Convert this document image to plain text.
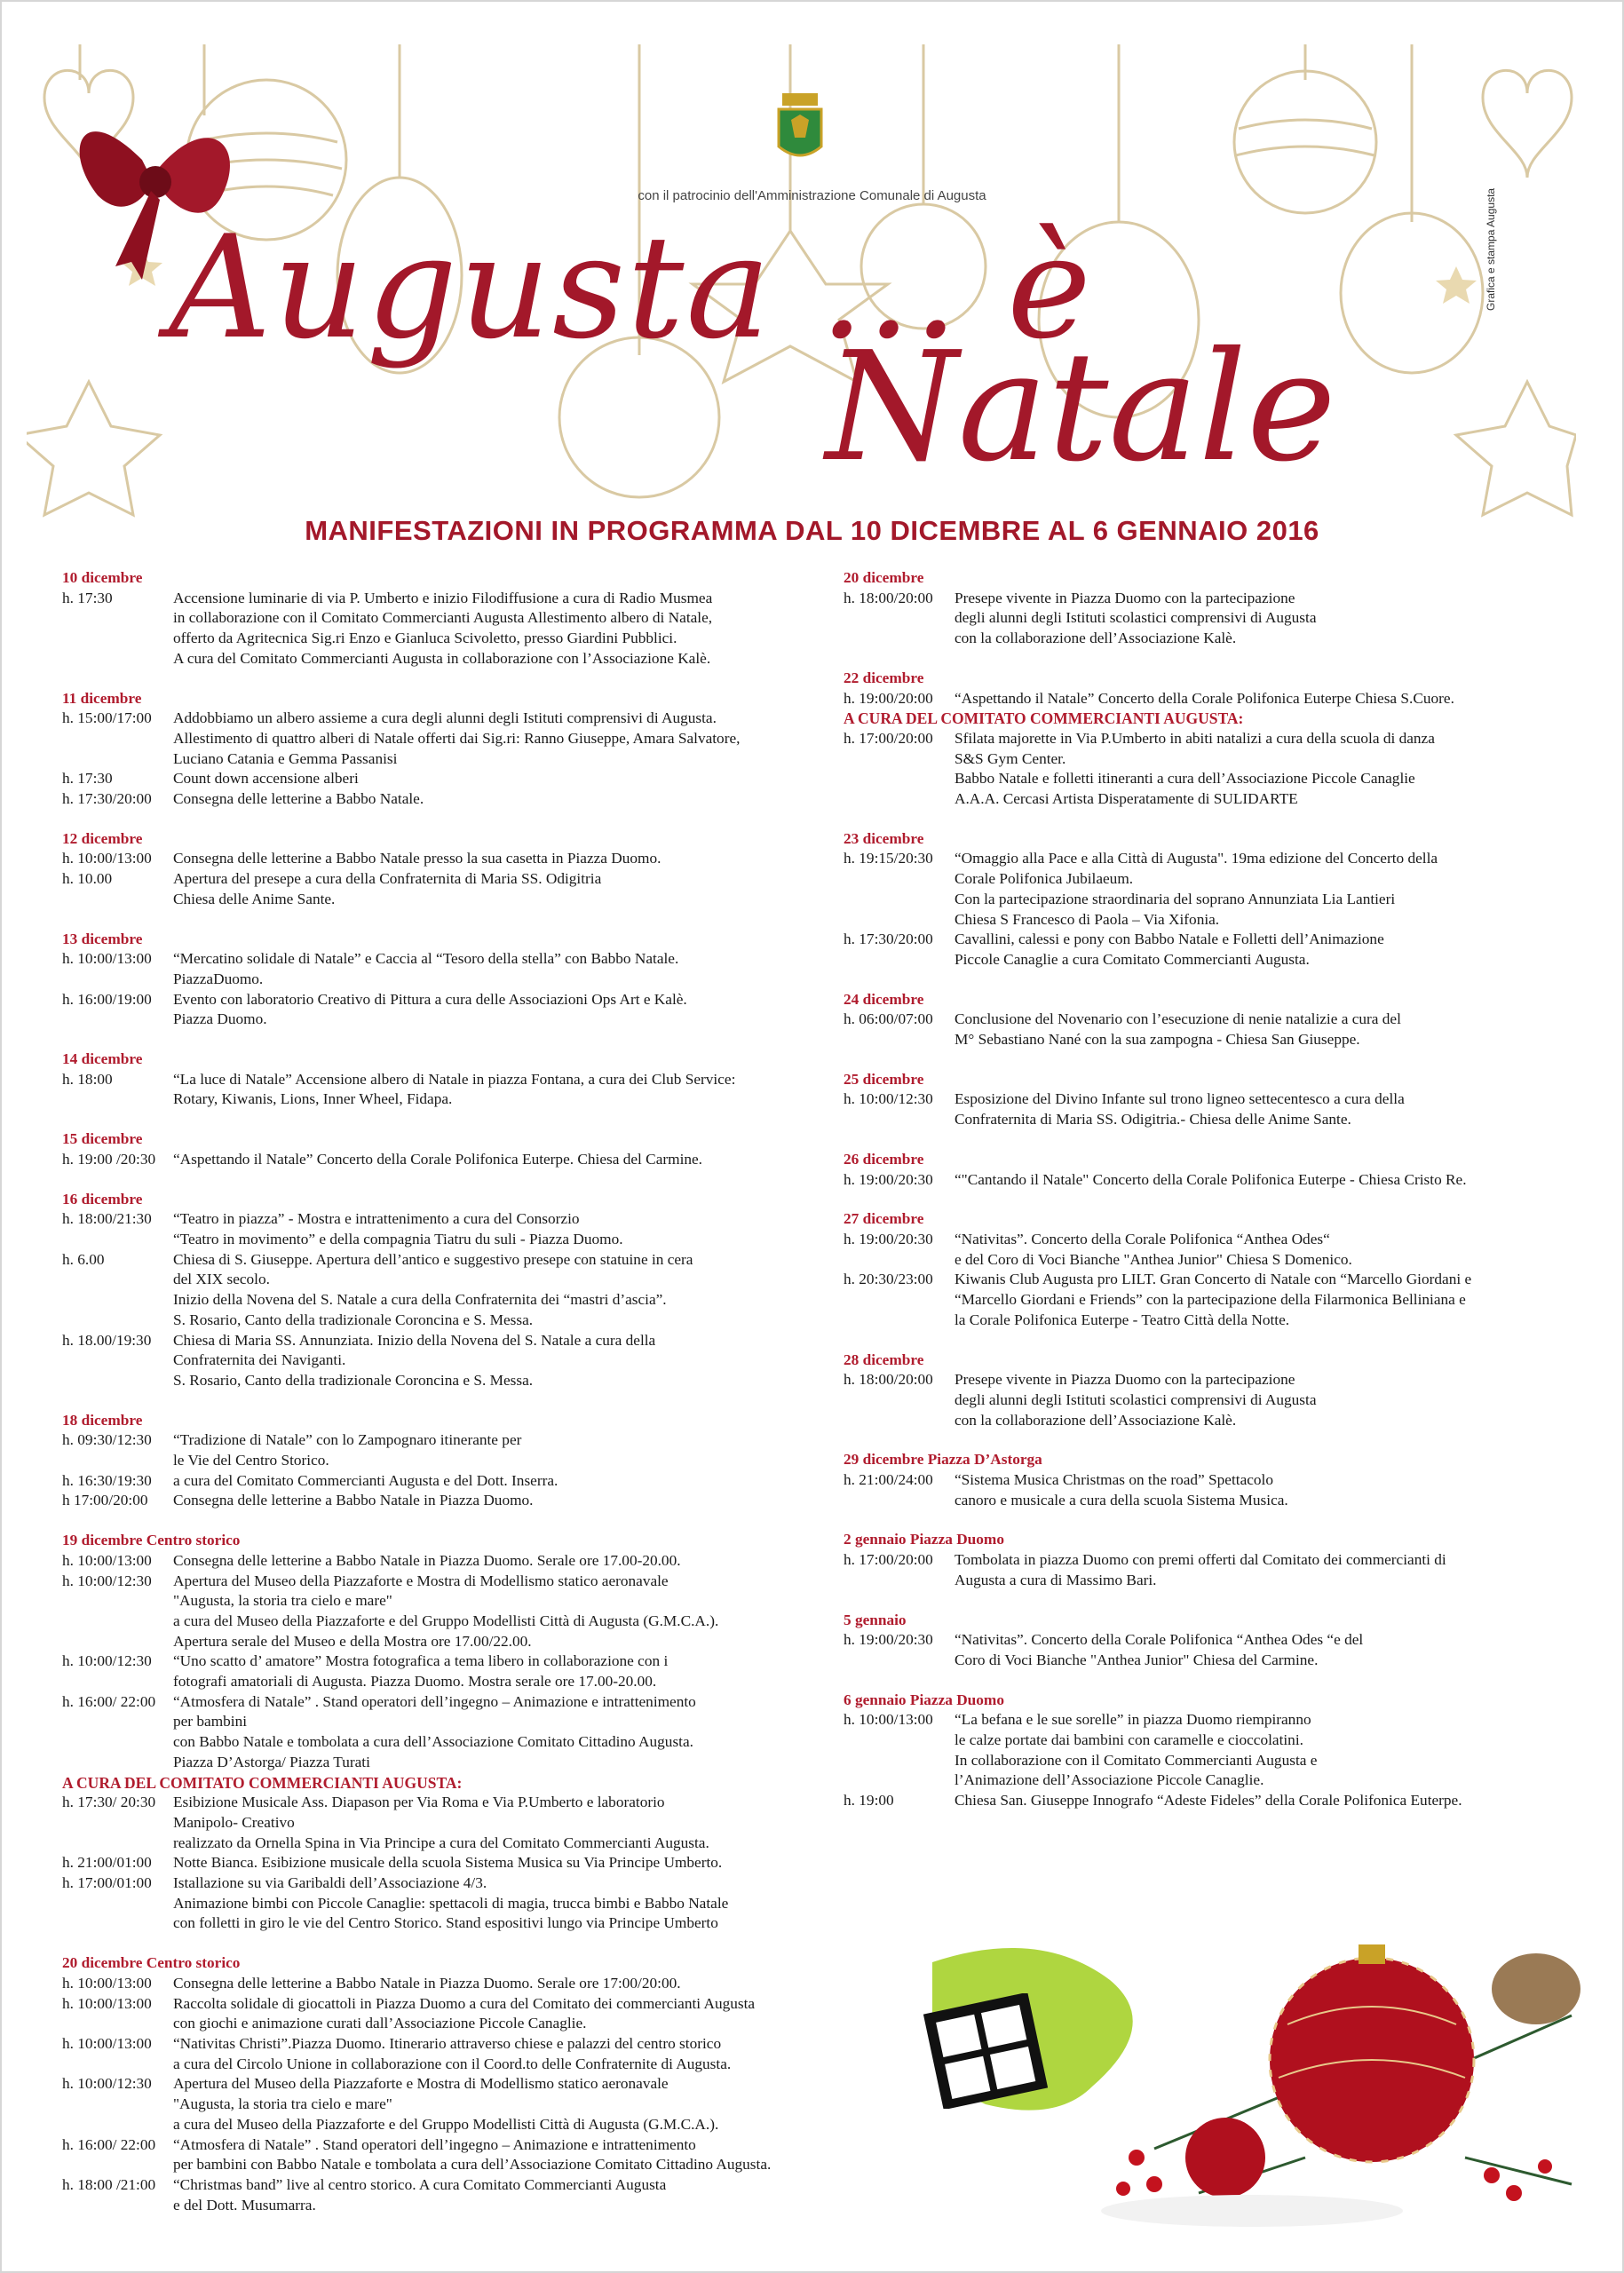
con il patrocinio dell'Amministrazione Comunale di Augusta
Augusta ... è
Natale
Grafica e stampa Augusta
MANIFESTAZIONI IN PROGRAMMA DAL 10 DICEMBRE AL 6 GENNAIO 2016
10 dicembre
h. 17:30	Accensione luminarie di via P. Umberto e inizio Filodiffusione a cura di Radio Musmea
in collaborazione con il Comitato Commercianti Augusta Allestimento albero di Natale,
offerto da Agritecnica Sig.ri Enzo e Gianluca Scivoletto, presso Giardini Pubblici.
A cura del Comitato Commercianti Augusta in collaborazione con l’Associazione Kalè.
11 dicembre
h. 15:00/17:00	Addobbiamo un albero assieme a cura degli alunni degli Istituti comprensivi di Augusta.
Allestimento di quattro alberi di Natale offerti dai Sig.ri: Ranno Giuseppe, Amara Salvatore,
Luciano Catania e Gemma Passanisi
h. 17:30	Count down accensione alberi
h. 17:30/20:00	Consegna delle letterine a Babbo Natale.
12 dicembre
h. 10:00/13:00	Consegna delle letterine a Babbo Natale presso la sua casetta in Piazza Duomo.
h. 10.00	Apertura del presepe a cura della Confraternita di Maria SS. Odigitria
Chiesa delle Anime Sante.
13 dicembre
h. 10:00/13:00	“Mercatino solidale di Natale” e Caccia al “Tesoro della stella” con Babbo Natale.
PiazzaDuomo.
h. 16:00/19:00	Evento con laboratorio Creativo di Pittura a cura delle Associazioni Ops Art e Kalè.
Piazza Duomo.
14 dicembre
h. 18:00	“La luce di Natale” Accensione albero di Natale in piazza Fontana, a cura dei Club Service:
Rotary, Kiwanis, Lions, Inner Wheel, Fidapa.
15 dicembre
h. 19:00 /20:30	“Aspettando il Natale” Concerto della Corale Polifonica Euterpe. Chiesa del Carmine.
16 dicembre
h. 18:00/21:30	“Teatro in piazza” - Mostra e intrattenimento a cura del Consorzio
“Teatro in movimento” e della compagnia Tiatru du suli - Piazza Duomo.
h. 6.00	Chiesa di S. Giuseppe. Apertura dell’antico e suggestivo presepe con statuine in cera
del XIX secolo.
Inizio della Novena del S. Natale a cura della Confraternita dei “mastri d’ascia”.
S. Rosario, Canto della tradizionale Coroncina e S. Messa.
h. 18.00/19:30	Chiesa di Maria SS. Annunziata. Inizio della Novena del S. Natale a cura della
Confraternita dei Naviganti.
S. Rosario, Canto della tradizionale Coroncina e S. Messa.
18 dicembre
h. 09:30/12:30	“Tradizione di Natale” con lo Zampognaro itinerante per
le Vie del Centro Storico.
h. 16:30/19:30	a cura del Comitato Commercianti Augusta e del Dott. Inserra.
h 17:00/20:00	Consegna delle letterine a Babbo Natale in Piazza Duomo.
19 dicembre Centro storico
h. 10:00/13:00	Consegna delle letterine a Babbo Natale in Piazza Duomo. Serale ore 17.00-20.00.
h. 10:00/12:30	Apertura del Museo della Piazzaforte e Mostra di Modellismo statico aeronavale
"Augusta, la storia tra cielo e mare"
a cura del Museo della Piazzaforte e del Gruppo Modellisti Città di Augusta (G.M.C.A.).
Apertura serale del Museo e della Mostra ore 17.00/22.00.
h. 10:00/12:30	“Uno scatto d’ amatore” Mostra fotografica a tema libero in collaborazione con i
fotografi amatoriali di Augusta. Piazza Duomo. Mostra serale ore 17.00-20.00.
h. 16:00/ 22:00	“Atmosfera di Natale” . Stand operatori dell’ingegno – Animazione e intrattenimento
per bambini
con Babbo Natale e tombolata a cura dell’Associazione Comitato Cittadino Augusta.
Piazza D’Astorga/ Piazza Turati
A CURA DEL COMITATO COMMERCIANTI AUGUSTA:
h. 17:30/ 20:30	Esibizione Musicale Ass. Diapason per Via Roma e Via P.Umberto e laboratorio
Manipolo- Creativo
realizzato da Ornella Spina in Via Principe a cura del Comitato Commercianti Augusta.
h. 21:00/01:00	Notte Bianca. Esibizione musicale della scuola Sistema Musica su Via Principe Umberto.
h. 17:00/01:00	Istallazione su via Garibaldi dell’Associazione 4/3.
Animazione bimbi con Piccole Canaglie: spettacoli di magia, trucca bimbi e Babbo Natale
con folletti in giro le vie del Centro Storico. Stand espositivi lungo via Principe Umberto
20 dicembre Centro storico
h. 10:00/13:00	Consegna delle letterine a Babbo Natale in Piazza Duomo. Serale ore 17:00/20:00.
h. 10:00/13:00	Raccolta solidale di giocattoli in Piazza Duomo a cura del Comitato dei commercianti Augusta
con giochi e animazione curati dall’Associazione Piccole Canaglie.
h. 10:00/13:00	“Nativitas Christi”.Piazza Duomo. Itinerario attraverso chiese e palazzi del centro storico
a cura del Circolo Unione in collaborazione con il Coord.to delle Confraternite di Augusta.
h. 10:00/12:30	Apertura del Museo della Piazzaforte e Mostra di Modellismo statico aeronavale
"Augusta, la storia tra cielo e mare"
a cura del Museo della Piazzaforte e del Gruppo Modellisti Città di Augusta (G.M.C.A.).
h. 16:00/ 22:00	“Atmosfera di Natale” . Stand operatori dell’ingegno – Animazione e intrattenimento
per bambini con Babbo Natale e tombolata a cura dell’Associazione Comitato Cittadino Augusta.
h. 18:00 /21:00	“Christmas band” live al centro storico. A cura Comitato Commercianti Augusta
e del Dott. Musumarra.
20 dicembre
h. 18:00/20:00	Presepe vivente in Piazza Duomo con la partecipazione
degli alunni degli Istituti scolastici comprensivi di Augusta
con la collaborazione dell’Associazione Kalè.
22 dicembre
h. 19:00/20:00	“Aspettando il Natale” Concerto della Corale Polifonica Euterpe Chiesa S.Cuore.
A CURA DEL COMITATO COMMERCIANTI AUGUSTA:
h. 17:00/20:00	Sfilata majorette in Via P.Umberto in abiti natalizi a cura della scuola di danza
S&S Gym Center.
Babbo Natale e folletti itineranti a cura dell’Associazione Piccole Canaglie
A.A.A. Cercasi Artista Disperatamente di SULIDARTE
23 dicembre
h. 19:15/20:30	“Omaggio alla Pace e alla Città di Augusta". 19ma edizione del Concerto della
Corale Polifonica Jubilaeum.
Con la partecipazione straordinaria del soprano Annunziata Lia Lantieri
Chiesa S Francesco di Paola – Via Xifonia.
h. 17:30/20:00	Cavallini, calessi e pony con Babbo Natale e Folletti dell’Animazione
Piccole Canaglie a cura Comitato Commercianti Augusta.
24 dicembre
h. 06:00/07:00	Conclusione del Novenario con l’esecuzione di nenie natalizie a cura del
M° Sebastiano Nané con la sua zampogna - Chiesa San Giuseppe.
25 dicembre
h. 10:00/12:30	Esposizione del Divino Infante sul trono ligneo settecentesco a cura della
Confraternita di Maria SS. Odigitria.- Chiesa delle Anime Sante.
26 dicembre
h. 19:00/20:30	“"Cantando il Natale" Concerto della Corale Polifonica Euterpe - Chiesa Cristo Re.
27 dicembre
h. 19:00/20:30	“Nativitas”. Concerto della Corale Polifonica “Anthea Odes“
e del Coro di Voci Bianche "Anthea Junior" Chiesa S Domenico.
h. 20:30/23:00	Kiwanis Club Augusta pro LILT. Gran Concerto di Natale con “Marcello Giordani e
“Marcello Giordani e Friends” con la partecipazione della Filarmonica Belliniana e
la Corale Polifonica Euterpe - Teatro Città della Notte.
28 dicembre
h. 18:00/20:00	Presepe vivente in Piazza Duomo con la partecipazione
degli alunni degli Istituti scolastici comprensivi di Augusta
con la collaborazione dell’Associazione Kalè.
29 dicembre Piazza D’Astorga
h. 21:00/24:00	“Sistema Musica Christmas on the road” Spettacolo
canoro e musicale a cura della scuola Sistema Musica.
2 gennaio Piazza Duomo
h. 17:00/20:00	Tombolata in piazza Duomo con premi offerti dal Comitato dei commercianti di
Augusta a cura di Massimo Bari.
5 gennaio
h. 19:00/20:30	“Nativitas”. Concerto della Corale Polifonica “Anthea Odes “e del
Coro di Voci Bianche "Anthea Junior" Chiesa del Carmine.
6 gennaio Piazza Duomo
h. 10:00/13:00	“La befana e le sue sorelle” in piazza Duomo riempiranno
le calze portate dai bambini con caramelle e cioccolatini.
In collaborazione con il Comitato Commercianti Augusta e
l’Animazione dell’Associazione Piccole Canaglie.
h. 19:00	Chiesa San. Giuseppe Innografo “Adeste Fideles” della Corale Polifonica Euterpe.
